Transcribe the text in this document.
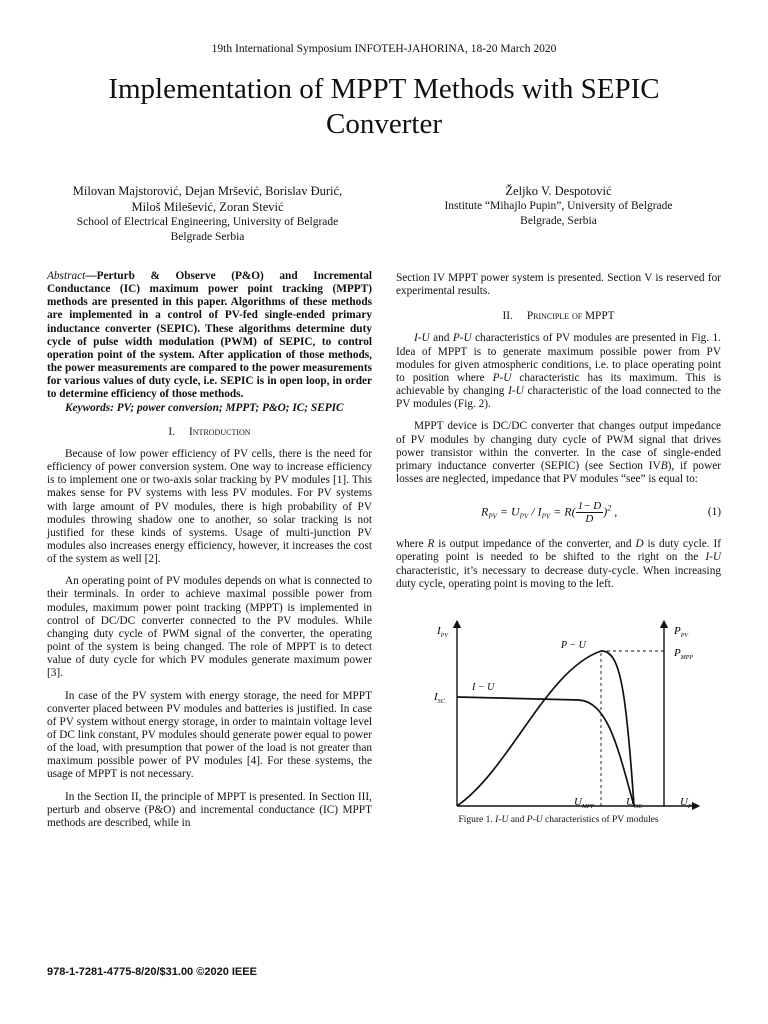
19th International Symposium INFOTEH-JAHORINA, 18-20 March 2020
Implementation of MPPT Methods with SEPIC
Converter
Milovan Majstorović, Dejan Mršević, Borislav Đurić,
Miloš Milešević, Zoran Stević
School of Electrical Engineering, University of Belgrade
Belgrade Serbia
Željko V. Despotović
Institute “Mihajlo Pupin”, University of Belgrade
Belgrade, Serbia

Abstract—Perturb & Observe (P&O) and Incremental Conductance (IC) maximum power point tracking (MPPT) methods are presented in this paper. Algorithms of these methods are implemented in a control of PV-fed single-ended primary inductance converter (SEPIC). These algorithms determine duty cycle of pulse width modulation (PWM) of SEPIC, to control operation point of the system. After application of those methods, the power measurements are compared to the power measurements for various values of duty cycle, i.e. SEPIC is in open loop, in order to determine efficiency of those methods.

Keywords: PV; power conversion; MPPT; P&O; IC; SEPIC

I. Introduction

Because of low power efficiency of PV cells, there is the need for efficiency of power conversion system. One way to increase efficiency is to implement one or two-axis solar tracking by PV modules [1]. This makes sense for PV systems with less PV modules. For PV systems with large amount of PV modules, there is high probability of PV modules throwing shadow one to another, so solar tracking is not justified for these kinds of systems. Usage of multi-junction PV modules also increases energy efficiency, however, it increases the cost of the system as well [2].

An operating point of PV modules depends on what is connected to their terminals. In order to achieve maximal possible power from modules, maximum power point tracking (MPPT) is implemented in control of DC/DC converter connected to the PV modules. While changing duty cycle of PWM signal of the converter, the operating point of the system is being changed. The role of MPPT is to detect value of duty cycle for which PV modules generate maximum power [3].

In case of the PV system with energy storage, the need for MPPT converter placed between PV modules and batteries is justified. In case of PV system without energy storage, in order to maintain voltage level of DC link constant, PV modules should generate power equal to power of the load, with presumption that power of the load is not greater than maximum possible power of PV modules [4]. For these systems, the usage of MPPT is not necessary.

In the Section II, the principle of MPPT is presented. In Section III, perturb and observe (P&O) and incremental conductance (IC) MPPT methods are described, while in

Section IV MPPT power system is presented. Section V is reserved for experimental results.

II. Principle of MPPT

I-U and P-U characteristics of PV modules are presented in Fig. 1. Idea of MPPT is to generate maximum possible power from PV modules for given atmospheric conditions, i.e. to place operating point to position where P-U characteristic has its maximum. This is achievable by changing I-U characteristic of the load connected to the PV modules (Fig. 2).

MPPT device is DC/DC converter that changes output impedance of PV modules by changing duty cycle of PWM signal that drives power transistor within the converter. In the case of single-ended primary inductance converter (SEPIC) (see Section IVB), if power losses are neglected, impedance that PV modules “see” is equal to:

$R_{PV} = U_{PV} / I_{PV} = R( \frac{1- D}{D})^2$ ,	(1)

where R is output impedance of the converter, and D is duty cycle. If operating point is needed to be shifted to the right on the I-U characteristic, it’s necessary to decrease duty-cycle. When increasing duty cycle, operating point is moving to the left.

$I_{PV}$	$P_{PV}$
$P_{MPP}$
$I_{SC}$
P − U
I − U
$U_{MPP}$	$U_{OC}$	$U_{PV}$
Figure 1. I-U and P-U characteristics of PV modules
978-1-7281-4775-8/20/$31.00 ©2020 IEEE
